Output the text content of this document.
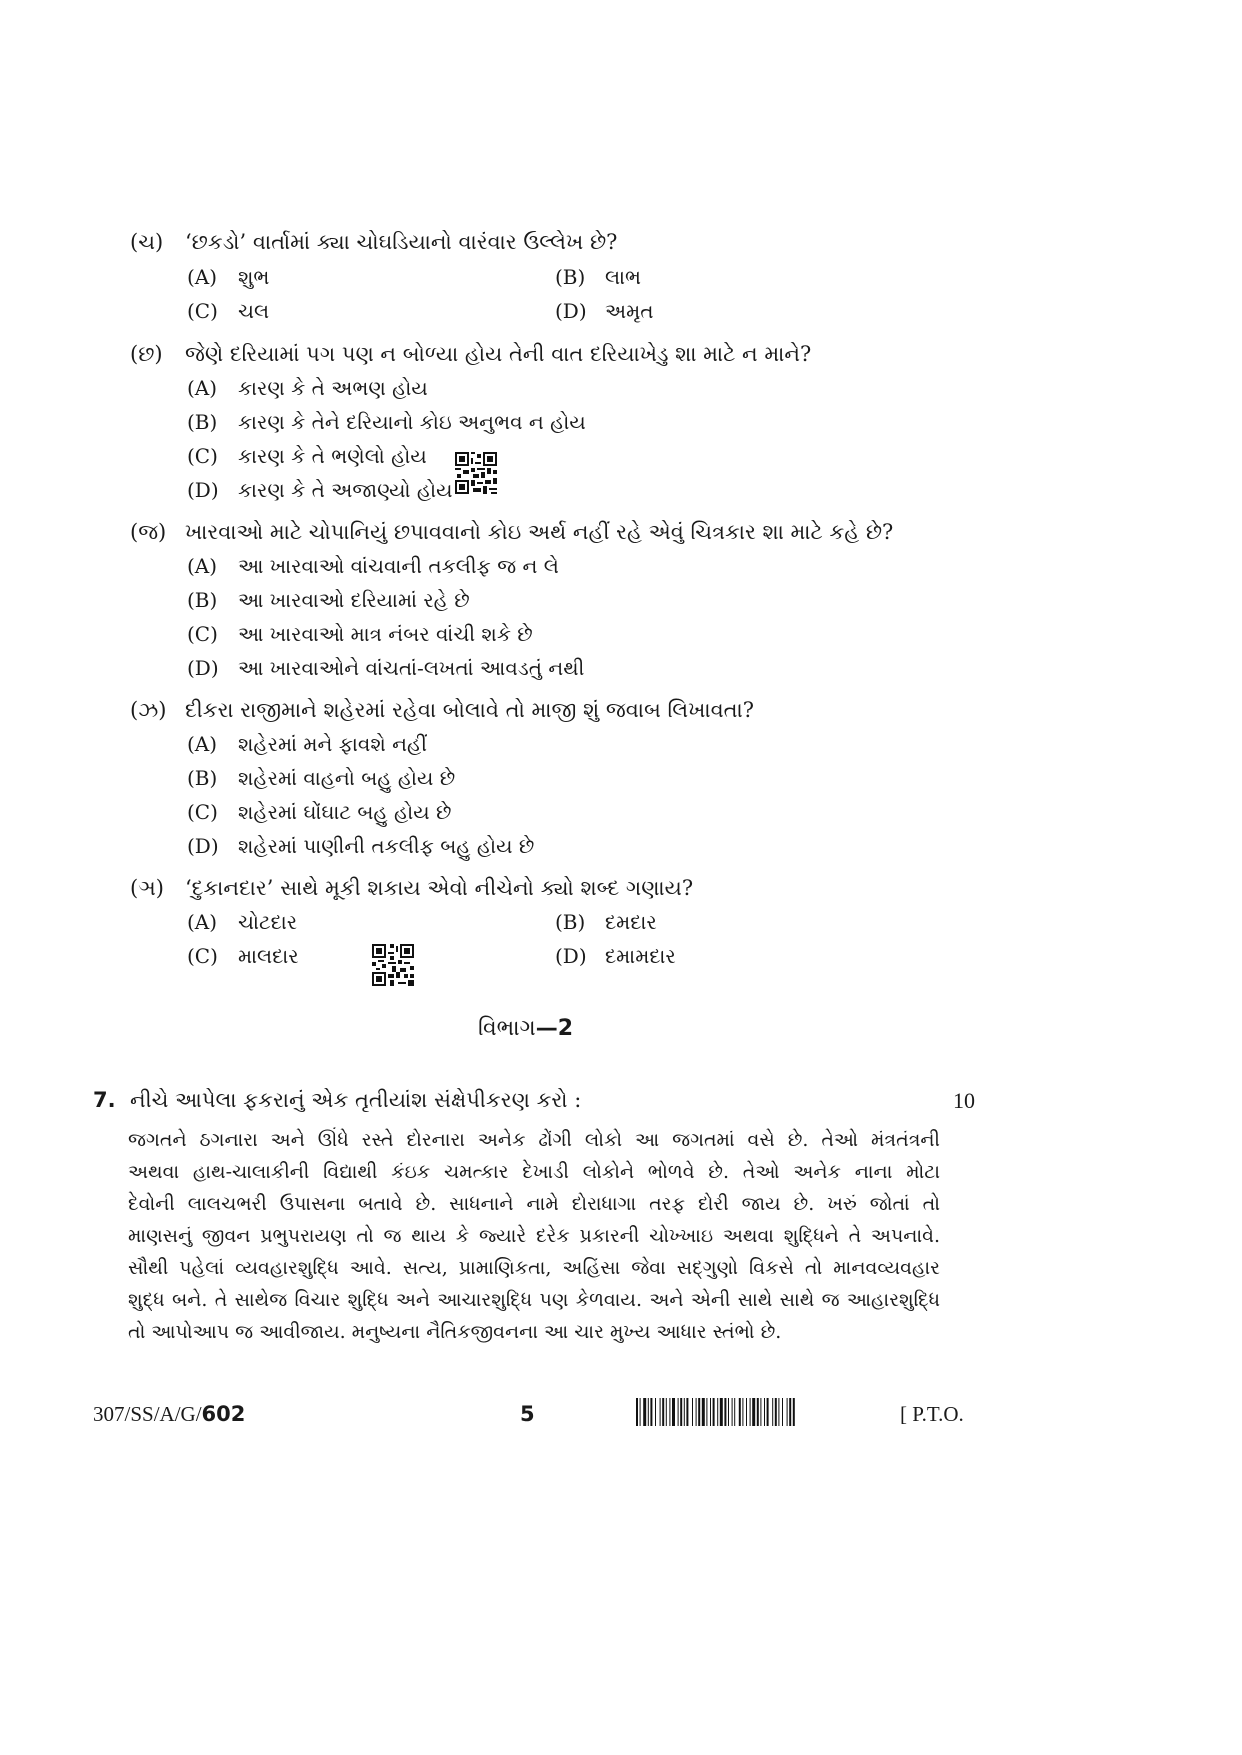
(ચ) ‘છકડો’ વાર્તામાં ક્યા ચોઘડિયાનો વારંવાર ઉલ્લેખ છે?
(A) શુભ	(B) લાભ
(C) ચલ	(D) અમૃત
(છ) જેણે દરિયામાં પગ પણ ન બોળ્યા હોય તેની વાત દરિયાખેડુ શા માટે ન માને?
(A) કારણ કે તે અભણ હોય
(B) કારણ કે તેને દરિયાનો કોઇ અનુભવ ન હોય
(C) કારણ કે તે ભણેલો હોય
(D) કારણ કે તે અજાણ્યો હોય
(જ) ખારવાઓ માટે ચોપાનિયું છપાવવાનો કોઇ અર્થ નહીં રહે એવું ચિત્રકાર શા માટે કહે છે?
(A) આ ખારવાઓ વાંચવાની તકલીફ જ ન લે
(B) આ ખારવાઓ દરિયામાં રહે છે
(C) આ ખારવાઓ માત્ર નંબર વાંચી શકે છે
(D) આ ખારવાઓને વાંચતાં-લખતાં આવડતું નથી
(ઝ) દીકરા રાજીમાને શહેરમાં રહેવા બોલાવે તો માજી શું જવાબ લિખાવતા?
(A) શહેરમાં મને ફાવશે નહીં
(B) શહેરમાં વાહનો બહુ હોય છે
(C) શહેરમાં ઘોંઘાટ બહુ હોય છે
(D) શહેરમાં પાણીની તકલીફ બહુ હોય છે
(ઞ) ‘દુકાનદાર’ સાથે મૂકી શકાય એવો નીચેનો ક્યો શબ્દ ગણાય?
(A) ચોટદાર	(B) દમદાર
(C) માલદાર	(D) દમામદાર
વિભાગ—2
7. નીચે આપેલા ફકરાનું એક તૃતીયાંશ સંક્ષેપીકરણ કરો :	10
જગતને ઠગનારા અને ઊંધે રસ્તે દોરનારા અનેક ઢોંગી લોકો આ જગતમાં વસે છે. તેઓ મંત્રતંત્રની
અથવા હાથ-ચાલાકીની વિદ્યાથી કંઇક ચમત્કાર દેખાડી લોકોને ભોળવે છે. તેઓ અનેક નાના મોટા
દેવોની લાલચભરી ઉપાસના બતાવે છે. સાધનાને નામે દોરાધાગા તરફ દોરી જાય છે. ખરું જોતાં તો
માણસનું જીવન પ્રભુપરાયણ તો જ થાય કે જ્યારે દરેક પ્રકારની ચોખ્ખાઇ અથવા શુદ્ધિને તે અપનાવે.
સૌથી પહેલાં વ્યવહારશુદ્ધિ આવે. સત્ય, પ્રામાણિકતા, અહિંસા જેવા સદ્ગુણો વિકસે તો માનવવ્યવહાર
શુદ્ધ બને. તે સાથેજ વિચાર શુદ્ધિ અને આચારશુદ્ધિ પણ કેળવાય. અને એની સાથે સાથે જ આહારશુદ્ધિ
તો આપોઆપ જ આવીજાય. મનુષ્યના નૈતિકજીવનના આ ચાર મુખ્ય આધાર સ્તંભો છે.
307/SS/A/G/602	5	[ P.T.O.
